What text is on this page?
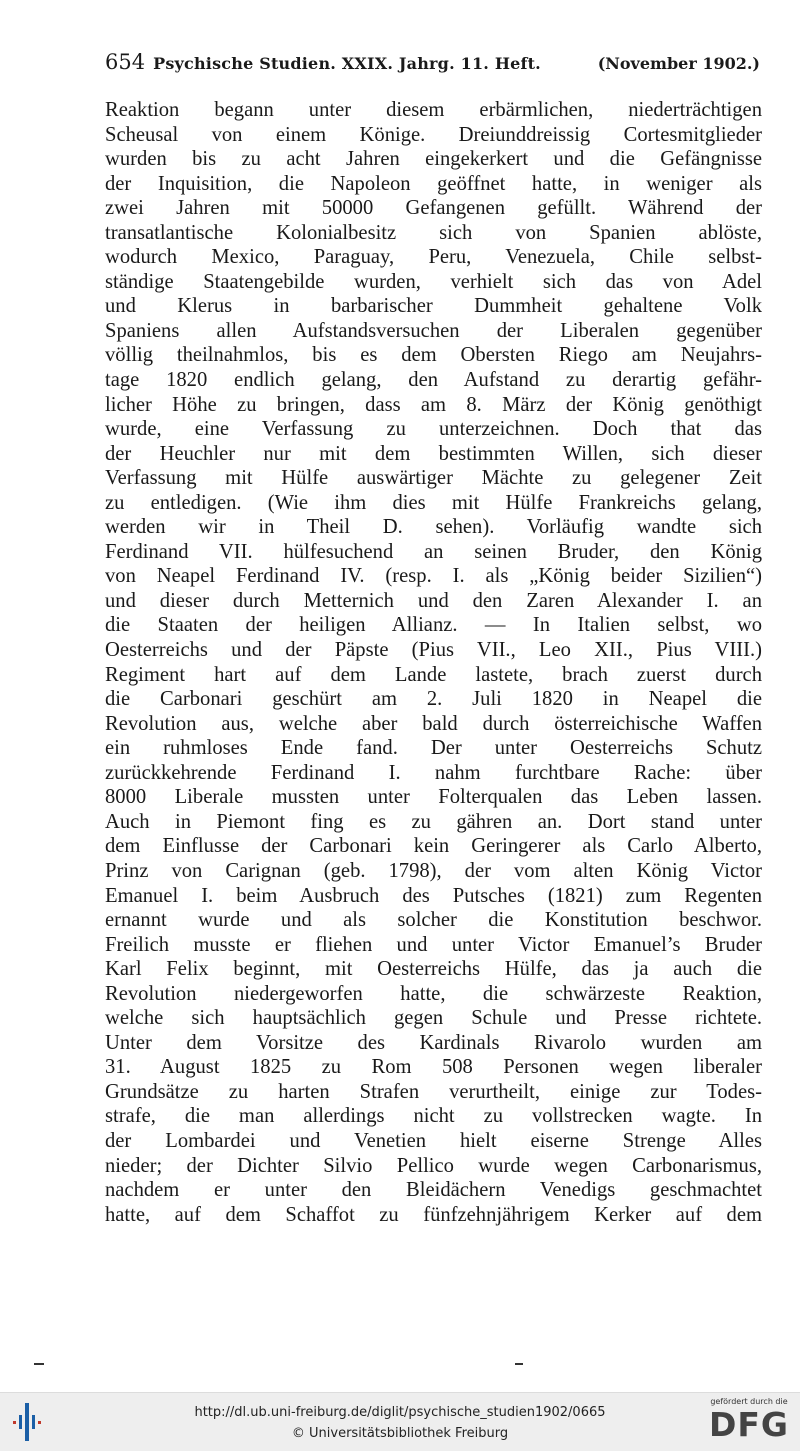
654 Psychische Studien. XXIX. Jahrg. 11. Heft.	(November 1902.)
Reaktion begann unter diesem erbärmlichen, niederträchtigen
Scheusal von einem Könige. Dreiunddreissig Cortesmitglieder
wurden bis zu acht Jahren eingekerkert und die Gefängnisse
der Inquisition, die Napoleon geöffnet hatte, in weniger als
zwei Jahren mit 50000 Gefangenen gefüllt. Während der
transatlantische Kolonialbesitz sich von Spanien ablöste,
wodurch Mexico, Paraguay, Peru, Venezuela, Chile selbst-
ständige Staatengebilde wurden, verhielt sich das von Adel
und Klerus in barbarischer Dummheit gehaltene Volk
Spaniens allen Aufstandsversuchen der Liberalen gegenüber
völlig theilnahmlos, bis es dem Obersten Riego am Neujahrs-
tage 1820 endlich gelang, den Aufstand zu derartig gefähr-
licher Höhe zu bringen, dass am 8. März der König genöthigt
wurde, eine Verfassung zu unterzeichnen. Doch that das
der Heuchler nur mit dem bestimmten Willen, sich dieser
Verfassung mit Hülfe auswärtiger Mächte zu gelegener Zeit
zu entledigen. (Wie ihm dies mit Hülfe Frankreichs gelang,
werden wir in Theil D. sehen). Vorläufig wandte sich
Ferdinand VII. hülfesuchend an seinen Bruder, den König
von Neapel Ferdinand IV. (resp. I. als „König beider Sizilien“)
und dieser durch Metternich und den Zaren Alexander I. an
die Staaten der heiligen Allianz. — In Italien selbst, wo
Oesterreichs und der Päpste (Pius VII., Leo XII., Pius VIII.)
Regiment hart auf dem Lande lastete, brach zuerst durch
die Carbonari geschürt am 2. Juli 1820 in Neapel die
Revolution aus, welche aber bald durch österreichische Waffen
ein ruhmloses Ende fand. Der unter Oesterreichs Schutz
zurückkehrende Ferdinand I. nahm furchtbare Rache: über
8000 Liberale mussten unter Folterqualen das Leben lassen.
Auch in Piemont fing es zu gähren an. Dort stand unter
dem Einflusse der Carbonari kein Geringerer als Carlo Alberto,
Prinz von Carignan (geb. 1798), der vom alten König Victor
Emanuel I. beim Ausbruch des Putsches (1821) zum Regenten
ernannt wurde und als solcher die Konstitution beschwor.
Freilich musste er fliehen und unter Victor Emanuel’s Bruder
Karl Felix beginnt, mit Oesterreichs Hülfe, das ja auch die
Revolution niedergeworfen hatte, die schwärzeste Reaktion,
welche sich hauptsächlich gegen Schule und Presse richtete.
Unter dem Vorsitze des Kardinals Rivarolo wurden am
31. August 1825 zu Rom 508 Personen wegen liberaler
Grundsätze zu harten Strafen verurtheilt, einige zur Todes-
strafe, die man allerdings nicht zu vollstrecken wagte. In
der Lombardei und Venetien hielt eiserne Strenge Alles
nieder; der Dichter Silvio Pellico wurde wegen Carbonarismus,
nachdem er unter den Bleidächern Venedigs geschmachtet
hatte, auf dem Schaffot zu fünfzehnjährigem Kerker auf dem
http://dl.ub.uni-freiburg.de/diglit/psychische_studien1902/0665
© Universitätsbibliothek Freiburg
gefördert durch die
DFG
